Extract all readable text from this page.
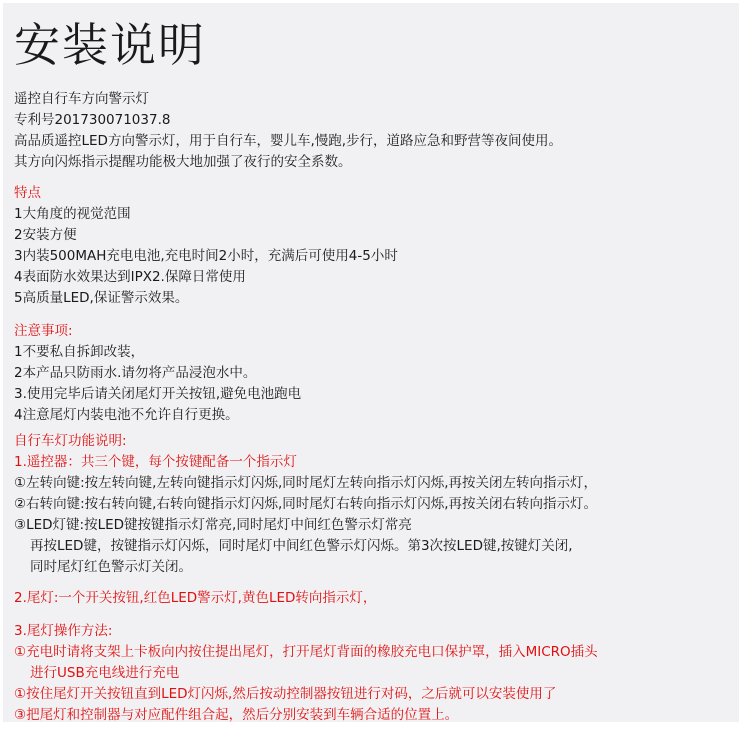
安装说明
遥控自行车方向警示灯
专利号201730071037.8
高品质遥控LED方向警示灯，用于自行车，婴儿车,慢跑,步行，道路应急和野营等夜间使用。
其方向闪烁指示提醒功能极大地加强了夜行的安全系数。
特点
1大角度的视觉范围
2安装方便
3内装500MAH充电电池,充电时间2小时，充满后可使用4-5小时
4表面防水效果达到IPX2.保障日常使用
5高质量LED,保证警示效果。
注意事项:
1不要私自拆卸改装，
2本产品只防雨水.请勿将产品浸泡水中。
3.使用完毕后请关闭尾灯开关按钮,避免电池跑电
4注意尾灯内装电池不允许自行更换。
自行车灯功能说明:
1.遥控器：共三个键，每个按键配备一个指示灯
①左转向键:按左转向键,左转向键指示灯闪烁,同时尾灯左转向指示灯闪烁,再按关闭左转向指示灯，
②右转向键:按右转向键,右转向键指示灯闪烁,同时尾灯右转向指示灯闪烁,再按关闭右转向指示灯。
③LED灯键:按LED键按键指示灯常亮,同时尾灯中间红色警示灯常亮
再按LED键，按键指示灯闪烁，同时尾灯中间红色警示灯闪烁。第3次按LED键,按键灯关闭,
同时尾灯红色警示灯关闭。
2.尾灯:一个开关按钮,红色LED警示灯,黄色LED转向指示灯，
3.尾灯操作方法:
①充电时请将支架上卡板向内按住提出尾灯，打开尾灯背面的橡胶充电口保护罩，插入MICRO插头
进行USB充电线进行充电
①按住尾灯开关按钮直到LED灯闪烁,然后按动控制器按钮进行对码，之后就可以安装使用了
③把尾灯和控制器与对应配件组合起，然后分别安装到车辆合适的位置上。
